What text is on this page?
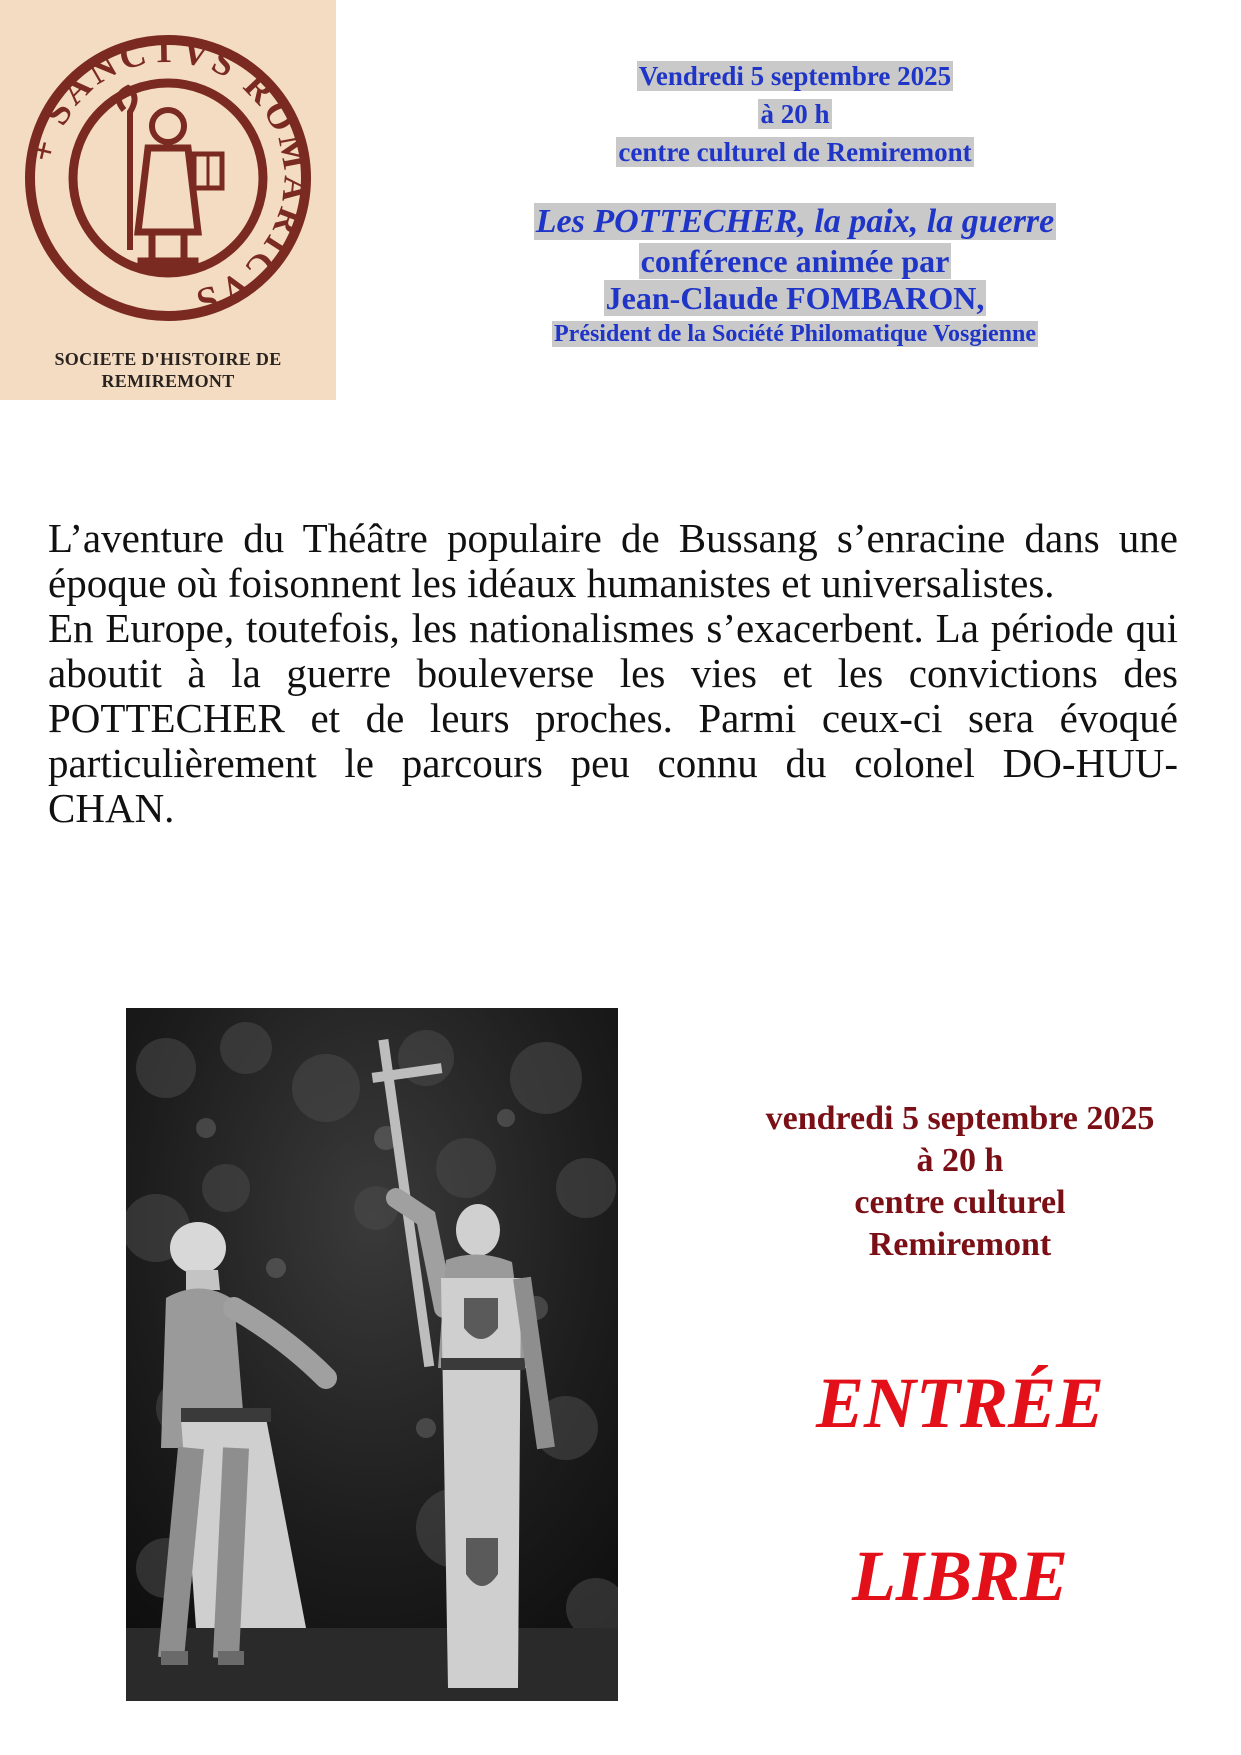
+ SANCTVS ROMARICVS
SOCIETE D'HISTOIRE DE
REMIREMONT

Vendredi 5 septembre 2025

à 20 h

centre culturel de Remiremont

Les POTTECHER, la paix, la guerre

conférence animée par

Jean-Claude FOMBARON,

Président de la Société Philomatique Vosgienne

L’aventure du Théâtre populaire de Bussang s’enracine dans une époque où foisonnent les idéaux humanistes et universalistes.

En Europe, toutefois, les nationalismes s’exacerbent. La période qui aboutit à la guerre bouleverse les vies et les convictions des POTTECHER et de leurs proches. Parmi ceux-ci sera évoqué particulièrement le parcours peu connu du colonel DO-HUU-CHAN.

vendredi 5 septembre 2025

à 20 h

centre culturel

Remiremont

ENTRÉE
LIBRE
